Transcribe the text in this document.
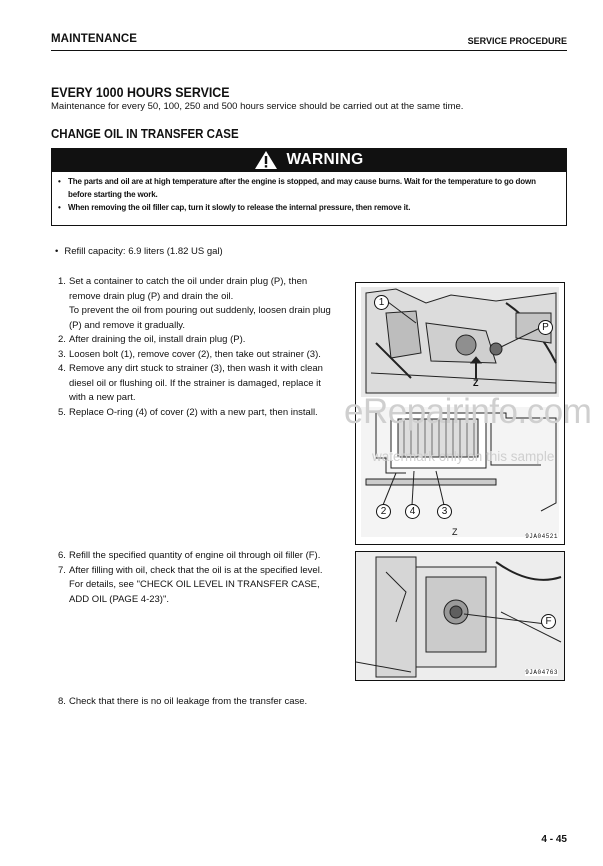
MAINTENANCE	SERVICE PROCEDURE
EVERY 1000 HOURS SERVICE
Maintenance for every 50, 100, 250 and 500 hours service should be carried out at the same time.
CHANGE OIL IN TRANSFER CASE
WARNING
• The parts and oil are at high temperature after the engine is stopped, and may cause burns. Wait for the temperature to go down before starting the work.
• When removing the oil filler cap, turn it slowly to release the internal pressure, then remove it.
• Refill capacity: 6.9 liters (1.82 US gal)
1. Set a container to catch the oil under drain plug (P), then
remove drain plug (P) and drain the oil.
To prevent the oil from pouring out suddenly, loosen drain plug
(P) and remove it gradually.
2. After draining the oil, install drain plug (P).
3. Loosen bolt (1), remove cover (2), then take out strainer (3).
4. Remove any dirt stuck to strainer (3), then wash it with clean
diesel oil or flushing oil. If the strainer is damaged, replace it
with a new part.
5. Replace O-ring (4) of cover (2) with a new part, then install.
6. Refill the specified quantity of engine oil through oil filler (F).
7. After filling with oil, check that the oil is at the specified level.
For details, see "CHECK OIL LEVEL IN TRANSFER CASE,
ADD OIL (PAGE 4-23)".
8. Check that there is no oil leakage from the transfer case.
Z
Z
1
P
2	4	3
9JA04521
F
9JA04763
eRepairinfo.com
watermark only on this sample
4 - 45
